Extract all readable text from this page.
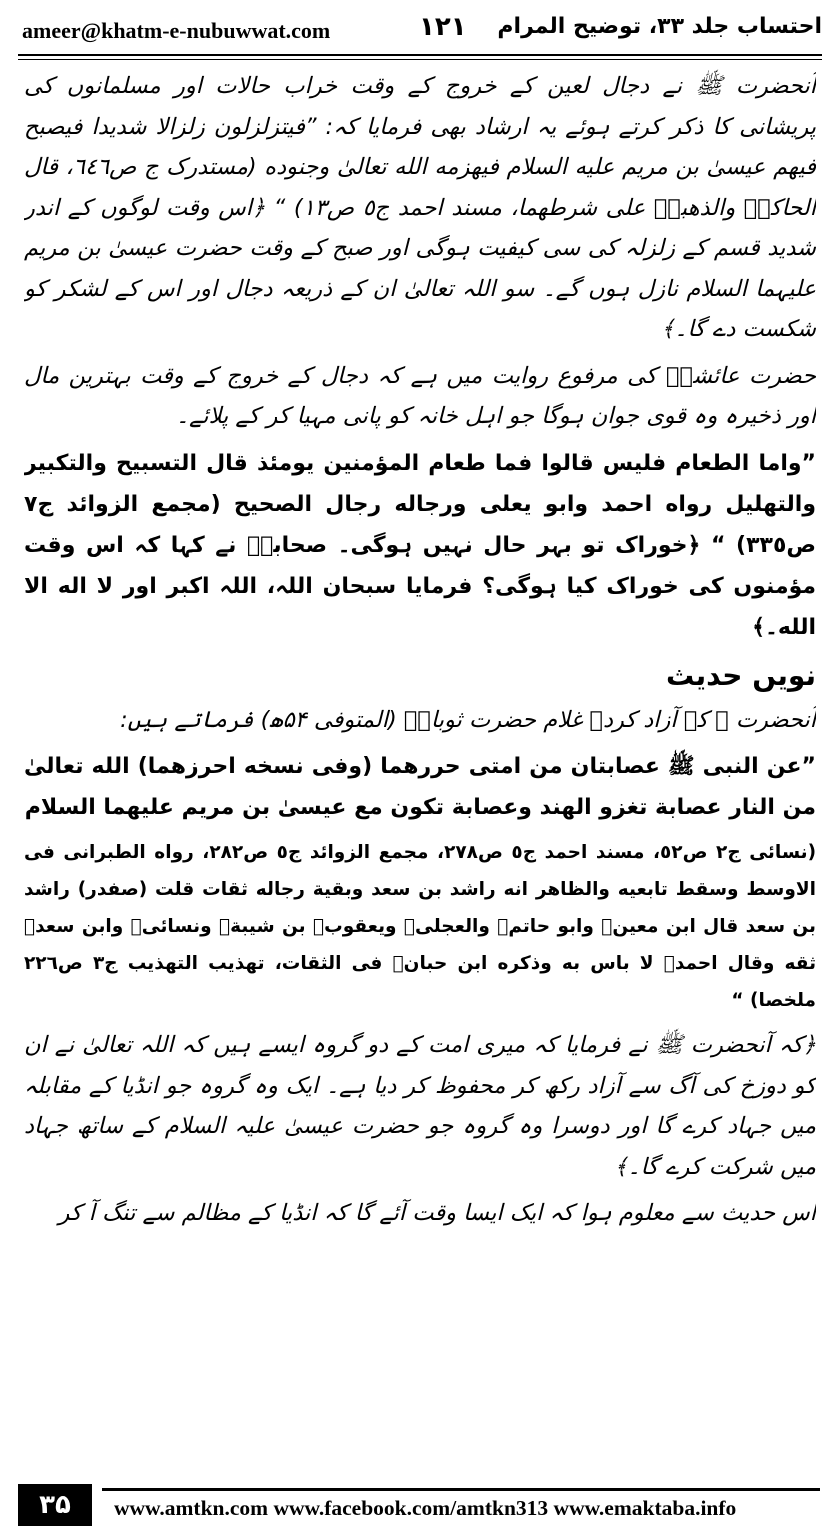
ameer@khatm-e-nubuwwat.com	۱۲۱ احتساب جلد ۳۳، توضیح المرام

آنحضرت ﷺ نے دجال لعین کے خروج کے وقت خراب حالات اور مسلمانوں کی پریشانی کا ذکر کرتے ہوئے یہ ارشاد بھی فرمایا کہ: ”فیتزلزلون زلزالا شدیدا فیصبح فیهم عیسیٰ بن مریم علیه السلام فیهزمه الله تعالیٰ وجنوده (مستدرک ج ص٦٤٦، قال الحاکمؒ والذهبیؒ علی شرطهما، مسند احمد ج٥ ص١٣) “ ﴿اس وقت لوگوں کے اندر شدید قسم کے زلزلہ کی سی کیفیت ہوگی اور صبح کے وقت حضرت عیسیٰ بن مریم علیہما السلام نازل ہوں گے۔ سو اللہ تعالیٰ ان کے ذریعہ دجال اور اس کے لشکر کو شکست دے گا۔﴾

حضرت عائشہؓ کی مرفوع روایت میں ہے کہ دجال کے خروج کے وقت بہترین مال اور ذخیرہ وہ قوی جوان ہوگا جو اہل خانہ کو پانی مہیا کر کے پلائے۔

”واما الطعام فلیس قالوا فما طعام المؤمنین یومئذ قال التسبیح والتکبیر والتهلیل رواه احمد وابو یعلی ورجاله رجال الصحیح (مجمع الزوائد ج٧ ص٣٣٥) “ ﴿خوراک تو بہر حال نہیں ہوگی۔ صحابہؓ نے کہا کہ اس وقت مؤمنوں کی خوراک کیا ہوگی؟ فرمایا سبحان اللہ، اللہ اکبر اور لا اله الا الله۔﴾

نویں حدیث

آنحضرت ﷺ کے آزاد کردہ غلام حضرت ثوبانؓ (المتوفی ۵۴ھ) فرماتے ہیں:

”عن النبی ﷺ عصابتان من امتی حررهما (وفی نسخه احرزهما) الله تعالیٰ من النار عصابة تغزو الهند وعصابة تکون مع عیسیٰ بن مریم علیهما السلام

(نسائی ج٢ ص٥٢، مسند احمد ج٥ ص٢٧٨، مجمع الزوائد ج٥ ص٢٨٢، رواه الطبرانی فی الاوسط وسقط تابعیه والظاهر انه راشد بن سعد وبقیة رجاله ثقات قلت (صفدر) راشد بن سعد قال ابن معینؒ وابو حاتمؒ والعجلیؒ ویعقوبؒ بن شیبةؒ ونسائیؒ وابن سعدؒ ثقه وقال احمدؒ لا باس به وذکره ابن حبانؒ فی الثقات، تهذیب التهذیب ج٣ ص٢٢٦ ملخصا) “

﴿کہ آنحضرت ﷺ نے فرمایا کہ میری امت کے دو گروہ ایسے ہیں کہ اللہ تعالیٰ نے ان کو دوزخ کی آگ سے آزاد رکھ کر محفوظ کر دیا ہے۔ ایک وہ گروہ جو انڈیا کے مقابلہ میں جہاد کرے گا اور دوسرا وہ گروہ جو حضرت عیسیٰ علیہ السلام کے ساتھ جہاد میں شرکت کرے گا۔﴾

اس حدیث سے معلوم ہوا کہ ایک ایسا وقت آئے گا کہ انڈیا کے مظالم سے تنگ آ کر

۳۵	www.amtkn.com www.facebook.com/amtkn313 www.emaktaba.info
